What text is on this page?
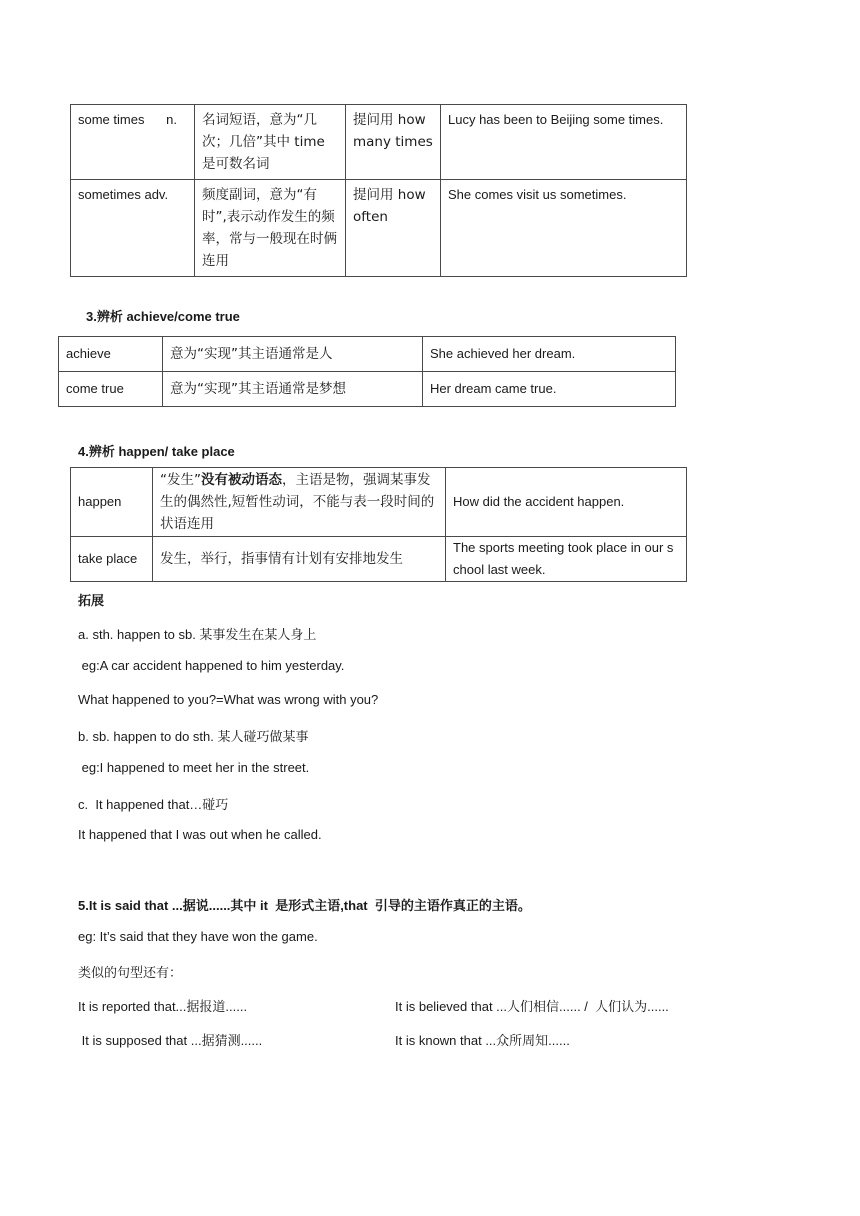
some times      n.	名词短语，意为“几次；几倍”其中 time 是可数名词	提问用 how many times	Lucy has been to Beijing some times.
sometimes adv.	频度副词，意为“有时”,表示动作发生的频率，常与一般现在时俩连用	提问用 how often	She comes visit us sometimes.
3.辨析 achieve/come true
achieve	意为“实现”其主语通常是人	She achieved her dream.
come true	意为“实现”其主语通常是梦想	Her dream came true.
4.辨析 happen/ take place
happen	“发生”没有被动语态，主语是物，强调某事发生的偶然性,短暂性动词，不能与表一段时间的状语连用	How did the accident happen.
take place	发生，举行，指事情有计划有安排地发生	The sports meeting took place in our school last week.
拓展
a. sth. happen to sb. 某事发生在某人身上
eg:A car accident happened to him yesterday.
What happened to you?=What was wrong with you?
b. sb. happen to do sth. 某人碰巧做某事
eg:I happened to meet her in the street.
c.  It happened that…碰巧
It happened that I was out when he called.
5.It is said that ...据说......其中 it  是形式主语,that  引导的主语作真正的主语。
eg: It’s said that they have won the game.
类似的句型还有：
It is reported that...据报道......	It is believed that ...人们相信...... /  人们认为......
It is supposed that ...据猜测......	It is known that ...众所周知......
